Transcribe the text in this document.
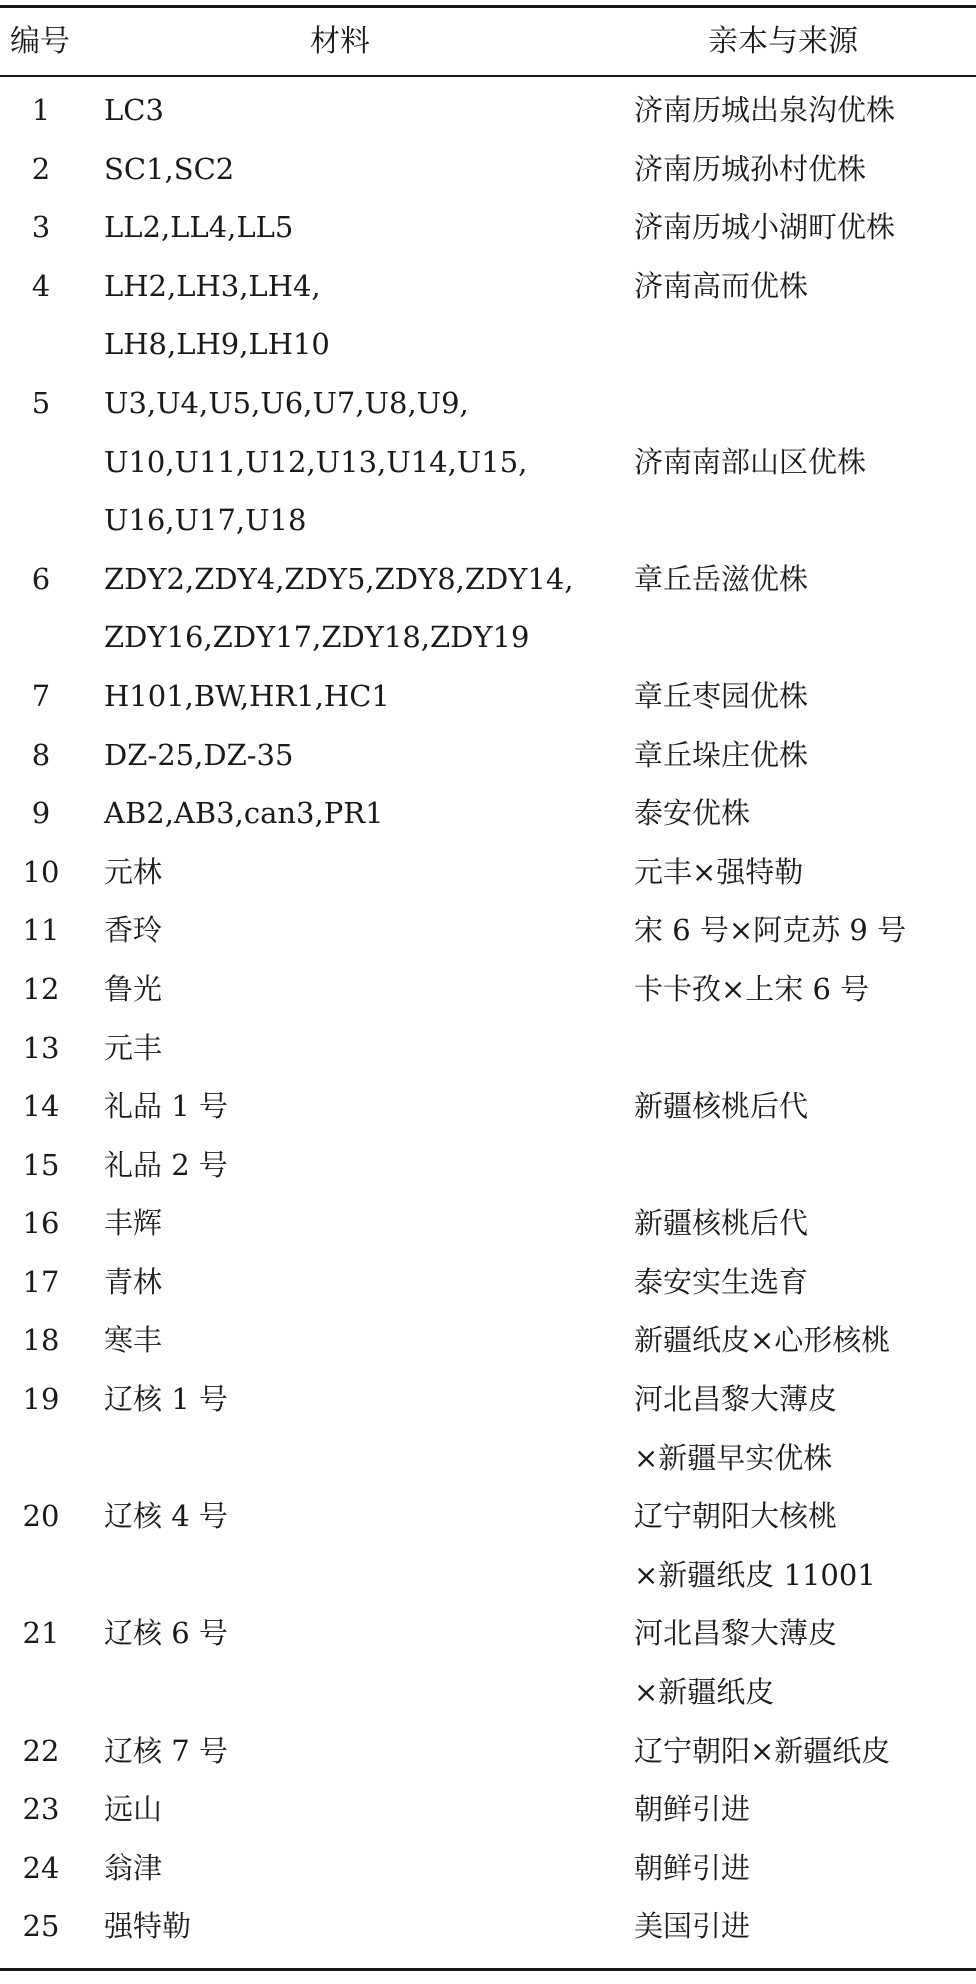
编号	材料	亲本与来源
1	LC3	济南历城出泉沟优株
2	SC1,SC2	济南历城孙村优株
3	LL2,LL4,LL5	济南历城小湖町优株
4	LH2,LH3,LH4,	济南高而优株
LH8,LH9,LH10
5	U3,U4,U5,U6,U7,U8,U9,
U10,U11,U12,U13,U14,U15,	济南南部山区优株
U16,U17,U18
6	ZDY2,ZDY4,ZDY5,ZDY8,ZDY14,	章丘岳滋优株
ZDY16,ZDY17,ZDY18,ZDY19
7	H101,BW,HR1,HC1	章丘枣园优株
8	DZ-25,DZ-35	章丘垛庄优株
9	AB2,AB3,can3,PR1	泰安优株
10	元林	元丰×强特勒
11	香玲	宋 6 号×阿克苏 9 号
12	鲁光	卡卡孜×上宋 6 号
13	元丰
14	礼品 1 号	新疆核桃后代
15	礼品 2 号
16	丰辉	新疆核桃后代
17	青林	泰安实生选育
18	寒丰	新疆纸皮×心形核桃
19	辽核 1 号	河北昌黎大薄皮
×新疆早实优株
20	辽核 4 号	辽宁朝阳大核桃
×新疆纸皮 11001
21	辽核 6 号	河北昌黎大薄皮
×新疆纸皮
22	辽核 7 号	辽宁朝阳×新疆纸皮
23	远山	朝鲜引进
24	翁津	朝鲜引进
25	强特勒	美国引进
